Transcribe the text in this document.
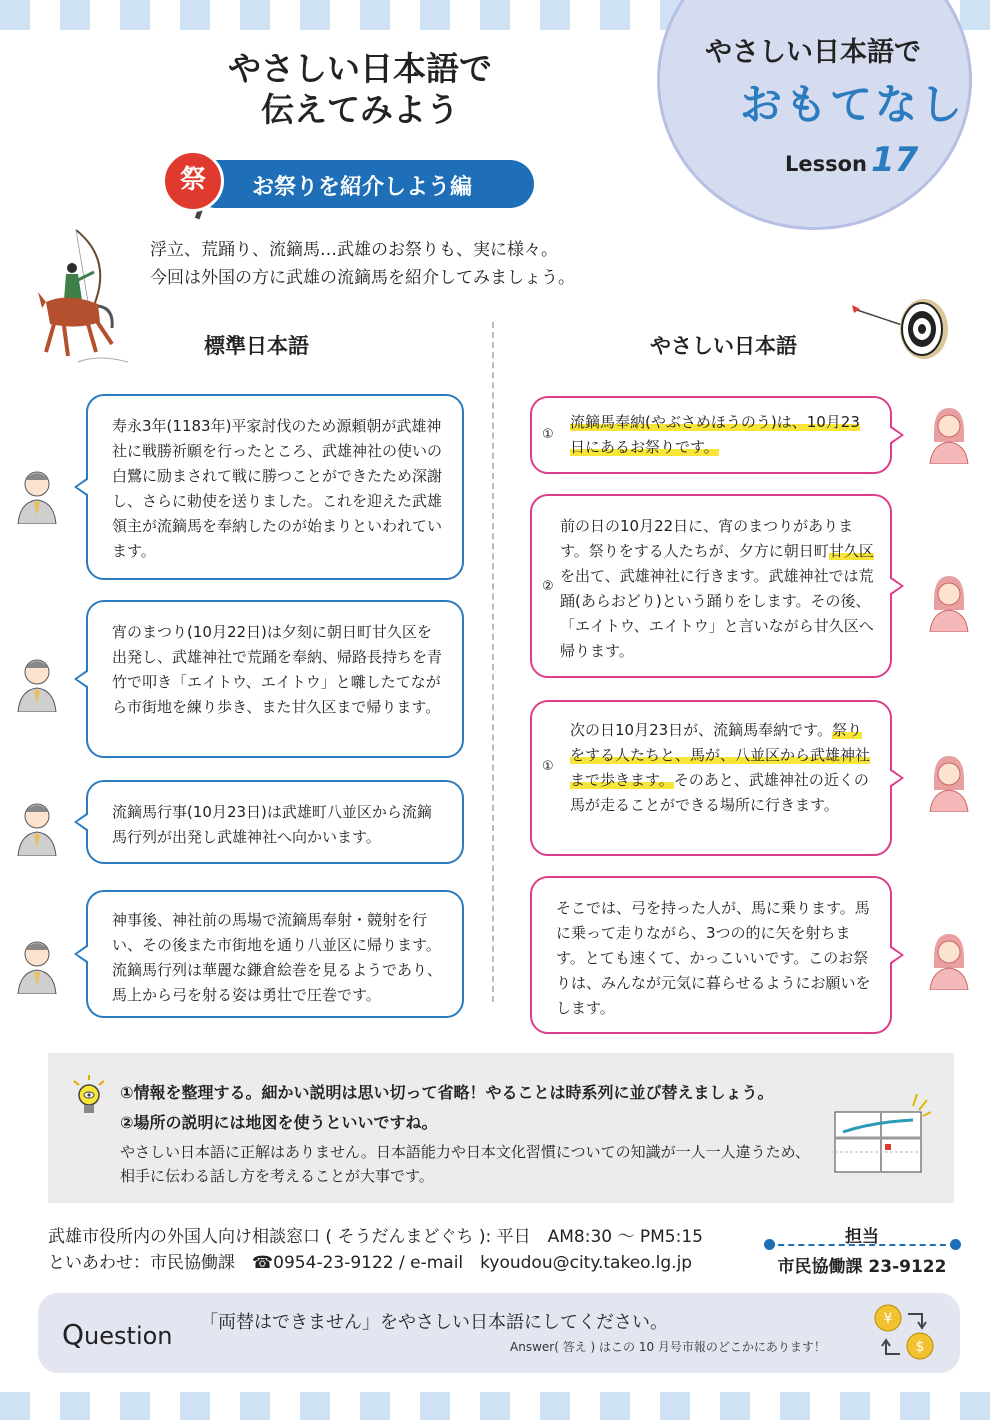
やさしい日本語で
おもてなし
Lesson 17
やさしい日本語で
伝えてみよう
お祭りを紹介しよう編
祭
浮立、荒踊り、流鏑馬…武雄のお祭りも、実に様々。
今回は外国の方に武雄の流鏑馬を紹介してみましょう。
標準日本語	やさしい日本語
寿永3年(1183年)平家討伐のため源頼朝が武雄神社に戦勝祈願を行ったところ、武雄神社の使いの白鷺に励まされて戦に勝つことができたため深謝し、さらに勅使を送りました。これを迎えた武雄領主が流鏑馬を奉納したのが始まりといわれています。
宵のまつり(10月22日)は夕刻に朝日町甘久区を出発し、武雄神社で荒踊を奉納、帰路長持ちを青竹で叩き「エイトウ、エイトウ」と囃したてながら市街地を練り歩き、また甘久区まで帰ります。
流鏑馬行事(10月23日)は武雄町八並区から流鏑馬行列が出発し武雄神社へ向かいます。
神事後、神社前の馬場で流鏑馬奉射・競射を行い、その後また市街地を通り八並区に帰ります。流鏑馬行列は華麗な鎌倉絵巻を見るようであり、馬上から弓を射る姿は勇壮で圧巻です。
①
流鏑馬奉納(やぶさめほうのう)は、10月23日にあるお祭りです。
②
前の日の10月22日に、宵のまつりがあります。祭りをする人たちが、夕方に朝日町甘久区を出て、武雄神社に行きます。武雄神社では荒踊(あらおどり)という踊りをします。その後、「エイトウ、エイトウ」と言いながら甘久区へ帰ります。
①
次の日10月23日が、流鏑馬奉納です。祭りをする人たちと、馬が、八並区から武雄神社まで歩きます。そのあと、武雄神社の近くの馬が走ることができる場所に行きます。
そこでは、弓を持った人が、馬に乗ります。馬に乗って走りながら、3つの的に矢を射ちます。とても速くて、かっこいいです。このお祭りは、みんなが元気に暮らせるようにお願いをします。
①情報を整理する。細かい説明は思い切って省略！やることは時系列に並び替えましょう。
②場所の説明には地図を使うといいですね。
やさしい日本語に正解はありません。日本語能力や日本文化習慣についての知識が一人一人違うため、相手に伝わる話し方を考えることが大事です。
武雄市役所内の外国人向け相談窓口 ( そうだんまどぐち ): 平日　AM8:30 ～ PM5:15
といあわせ：市民協働課　☎0954-23-9122 / e-mail　kyoudou@city.takeo.lg.jp
担当
市民協働課 23-9122
Question 「両替はできません」をやさしい日本語にしてください。
Answer( 答え ) はこの 10 月号市報のどこかにあります！
¥
$
